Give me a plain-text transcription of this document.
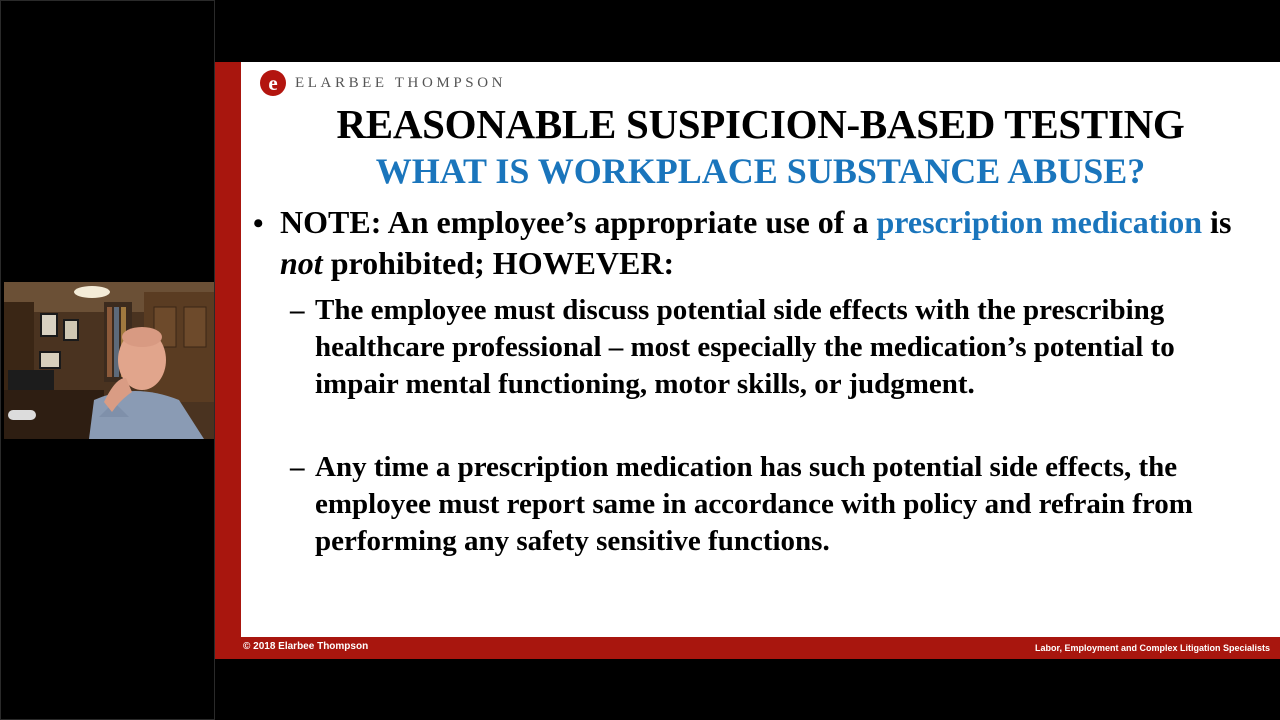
e	ELARBEE THOMPSON
REASONABLE SUSPICION-BASED TESTING
WHAT IS WORKPLACE SUBSTANCE ABUSE?
• NOTE: An employee’s appropriate use of a prescription medication is not prohibited; HOWEVER:
– The employee must discuss potential side effects with the prescribing healthcare professional – most especially the medication’s potential to impair mental functioning, motor skills, or judgment.
– Any time a prescription medication has such potential side effects, the employee must report same in accordance with policy and refrain from performing any safety sensitive functions.
© 2018 Elarbee Thompson	Labor, Employment and Complex Litigation Specialists
